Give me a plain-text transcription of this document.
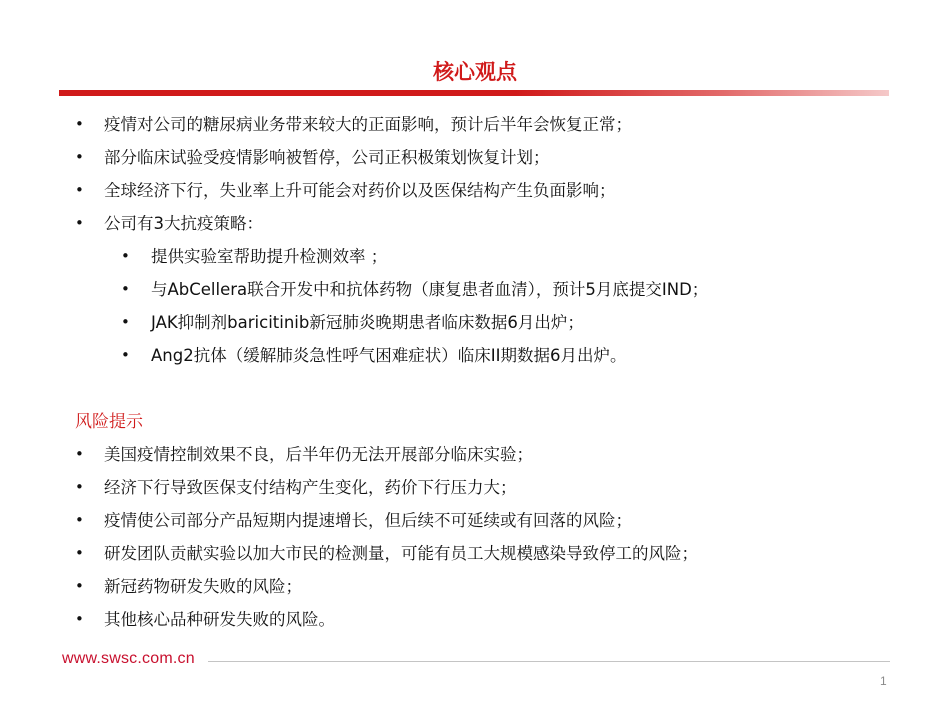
核心观点
• 疫情对公司的糖尿病业务带来较大的正面影响，预计后半年会恢复正常；
• 部分临床试验受疫情影响被暂停，公司正积极策划恢复计划；
• 全球经济下行，失业率上升可能会对药价以及医保结构产生负面影响；
• 公司有3大抗疫策略：
• 提供实验室帮助提升检测效率 ；
• 与AbCellera联合开发中和抗体药物（康复患者血清），预计5月底提交IND；
• JAK抑制剂baricitinib新冠肺炎晚期患者临床数据6月出炉；
• Ang2抗体（缓解肺炎急性呼气困难症状）临床II期数据6月出炉。
风险提示
• 美国疫情控制效果不良，后半年仍无法开展部分临床实验；
• 经济下行导致医保支付结构产生变化，药价下行压力大；
• 疫情使公司部分产品短期内提速增长，但后续不可延续或有回落的风险；
• 研发团队贡献实验以加大市民的检测量，可能有员工大规模感染导致停工的风险；
• 新冠药物研发失败的风险；
• 其他核心品种研发失败的风险。
www.swsc.com.cn
1
